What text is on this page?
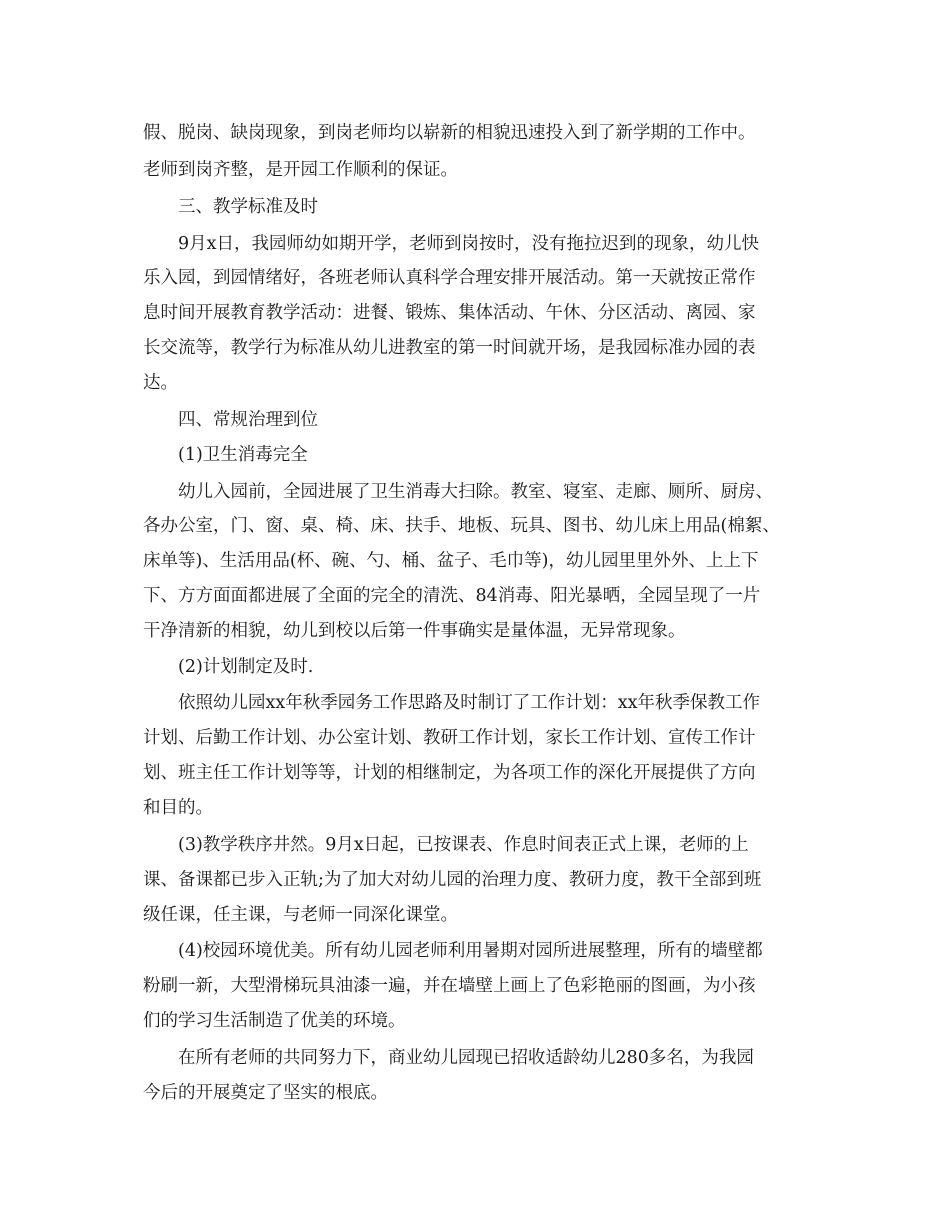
假、脱岗、缺岗现象，到岗老师均以崭新的相貌迅速投入到了新学期的工作中。

老师到岗齐整，是开园工作顺利的保证。

三、教学标准及时

9月x日，我园师幼如期开学，老师到岗按时，没有拖拉迟到的现象，幼儿快

乐入园，到园情绪好，各班老师认真科学合理安排开展活动。第一天就按正常作

息时间开展教育教学活动：进餐、锻炼、集体活动、午休、分区活动、离园、家

长交流等，教学行为标准从幼儿进教室的第一时间就开场，是我园标准办园的表

达。

四、常规治理到位

(1)卫生消毒完全

幼儿入园前，全园进展了卫生消毒大扫除。教室、寝室、走廊、厕所、厨房、

各办公室，门、窗、桌、椅、床、扶手、地板、玩具、图书、幼儿床上用品(棉絮、

床单等)、生活用品(杯、碗、勺、桶、盆子、毛巾等)，幼儿园里里外外、上上下

下、方方面面都进展了全面的完全的清洗、84消毒、阳光暴晒，全园呈现了一片

干净清新的相貌，幼儿到校以后第一件事确实是量体温，无异常现象。

(2)计划制定及时.

依照幼儿园xx年秋季园务工作思路及时制订了工作计划：xx年秋季保教工作

计划、后勤工作计划、办公室计划、教研工作计划，家长工作计划、宣传工作计

划、班主任工作计划等等，计划的相继制定，为各项工作的深化开展提供了方向

和目的。

(3)教学秩序井然。9月x日起，已按课表、作息时间表正式上课，老师的上

课、备课都已步入正轨;为了加大对幼儿园的治理力度、教研力度，教干全部到班

级任课，任主课，与老师一同深化课堂。

(4)校园环境优美。所有幼儿园老师利用暑期对园所进展整理，所有的墙壁都

粉刷一新，大型滑梯玩具油漆一遍，并在墙壁上画上了色彩艳丽的图画，为小孩

们的学习生活制造了优美的环境。

在所有老师的共同努力下，商业幼儿园现已招收适龄幼儿280多名，为我园

今后的开展奠定了坚实的根底。
